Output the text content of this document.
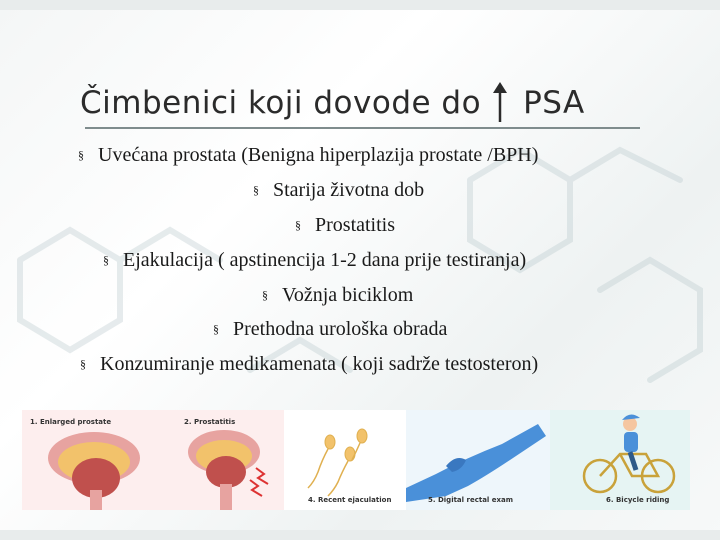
Čimbenici koji dovode do PSA
§ Uvećana prostata (Benigna hiperplazija prostate /BPH)
§ Starija životna dob
§ Prostatitis
§ Ejakulacija ( apstinencija 1-2 dana prije testiranja)
§ Vožnja biciklom
§ Prethodna urološka obrada
§ Konzumiranje medikamenata ( koji sadrže testosteron)
1. Enlarged prostate	2. Prostatitis
4. Recent ejaculation	5. Digital rectal exam	6. Bicycle riding
